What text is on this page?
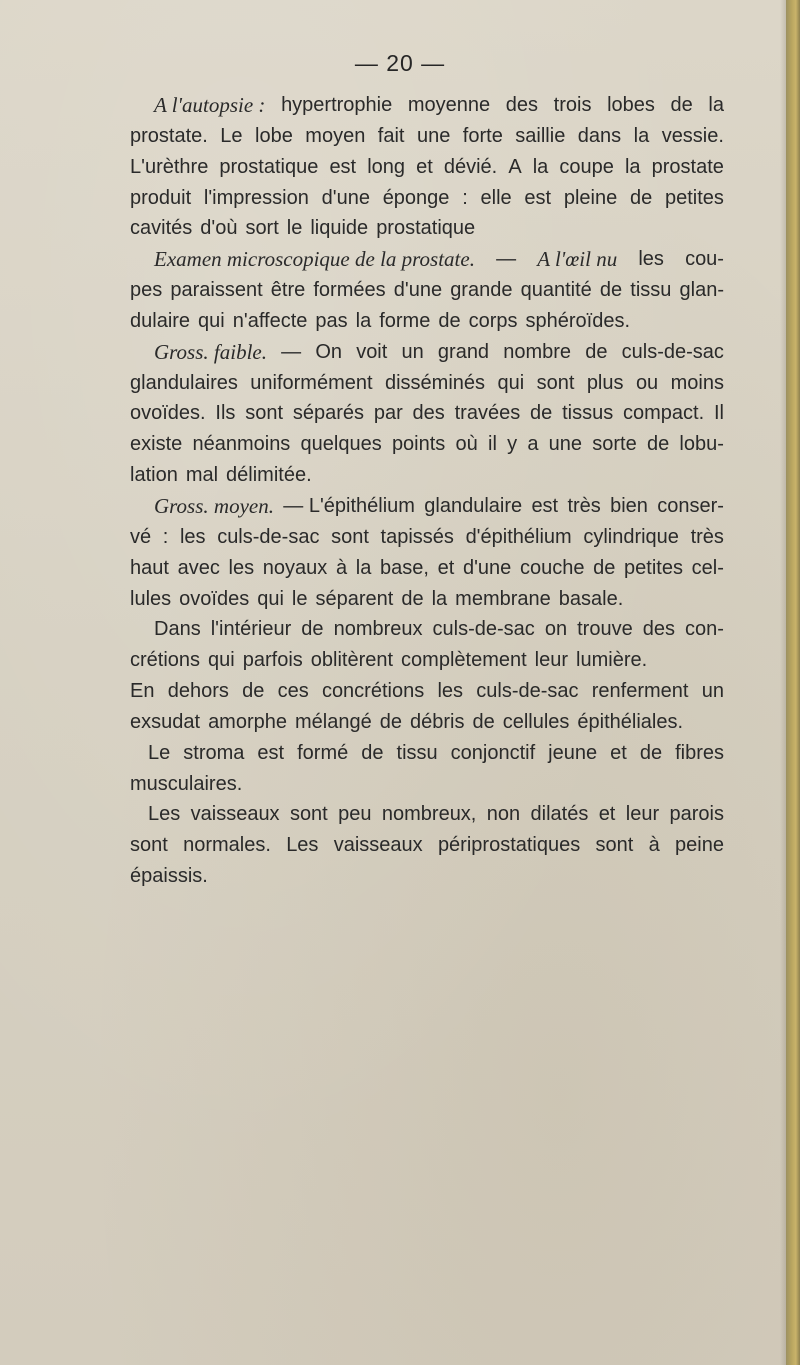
— 20 —
A l'autopsie : hypertrophie moyenne des trois lobes de la
prostate. Le lobe moyen fait une forte saillie dans la vessie.
L'urèthre prostatique est long et dévié. A la coupe la prostate
produit l'impression d'une éponge : elle est pleine de petites
cavités d'où sort le liquide prostatique
Examen microscopique de la prostate. — A l'œil nu les cou-
pes paraissent être formées d'une grande quantité de tissu glan-
dulaire qui n'affecte pas la forme de corps sphéroïdes.
Gross. faible. — On voit un grand nombre de culs-de-sac
glandulaires uniformément disséminés qui sont plus ou moins
ovoïdes. Ils sont séparés par des travées de tissus compact. Il
existe néanmoins quelques points où il y a une sorte de lobu-
lation mal délimitée.
Gross. moyen. — L'épithélium glandulaire est très bien conser-
vé : les culs-de-sac sont tapissés d'épithélium cylindrique très
haut avec les noyaux à la base, et d'une couche de petites cel-
lules ovoïdes qui le séparent de la membrane basale.
Dans l'intérieur de nombreux culs-de-sac on trouve des con-
crétions qui parfois oblitèrent complètement leur lumière.
En dehors de ces concrétions les culs-de-sac renferment un
exsudat amorphe mélangé de débris de cellules épithéliales.
Le stroma est formé de tissu conjonctif jeune et de fibres
musculaires.
Les vaisseaux sont peu nombreux, non dilatés et leur parois
sont normales. Les vaisseaux périprostatiques sont à peine
épaissis.
